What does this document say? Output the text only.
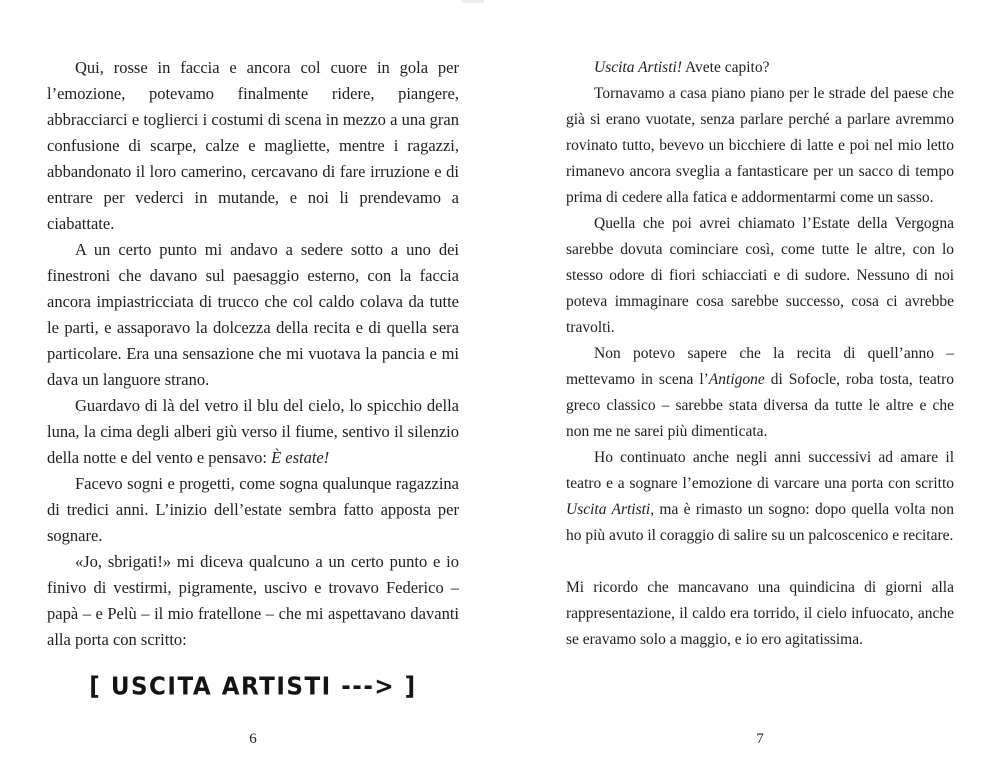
Qui, rosse in faccia e ancora col cuore in gola per l’emozione, potevamo finalmente ridere, piangere, abbracciarci e toglierci i costumi di scena in mezzo a una gran confusione di scarpe, calze e magliette, mentre i ragazzi, abbandonato il loro camerino, cercavano di fare irruzione e di entrare per vederci in mutande, e noi li prendevamo a ciabattate.

A un certo punto mi andavo a sedere sotto a uno dei finestroni che davano sul paesaggio esterno, con la faccia ancora impiastricciata di trucco che col caldo colava da tutte le parti, e assaporavo la dolcezza della recita e di quella sera particolare. Era una sensazione che mi vuotava la pancia e mi dava un languore strano.

Guardavo di là del vetro il blu del cielo, lo spicchio della luna, la cima degli alberi giù verso il fiume, sentivo il silenzio della notte e del vento e pensavo: È estate!

Facevo sogni e progetti, come sogna qualunque ragazzina di tredici anni. L’inizio dell’estate sembra fatto apposta per sognare.

«Jo, sbrigati!» mi diceva qualcuno a un certo punto e io finivo di vestirmi, pigramente, uscivo e trovavo Federico – papà – e Pelù – il mio fratellone – che mi aspettavano davanti alla porta con scritto:

Uscita Artisti! Avete capito?

Tornavamo a casa piano piano per le strade del paese che già si erano vuotate, senza parlare perché a parlare avremmo rovinato tutto, bevevo un bicchiere di latte e poi nel mio letto rimanevo ancora sveglia a fantasticare per un sacco di tempo prima di cedere alla fatica e addormentarmi come un sasso.

Quella che poi avrei chiamato l’Estate della Vergogna sarebbe dovuta cominciare così, come tutte le altre, con lo stesso odore di fiori schiacciati e di sudore. Nessuno di noi poteva immaginare cosa sarebbe successo, cosa ci avrebbe travolti.

Non potevo sapere che la recita di quell’anno – mettevamo in scena l’Antigone di Sofocle, roba tosta, teatro greco classico – sarebbe stata diversa da tutte le altre e che non me ne sarei più dimenticata.

Ho continuato anche negli anni successivi ad amare il teatro e a sognare l’emozione di varcare una porta con scritto Uscita Artisti, ma è rimasto un sogno: dopo quella volta non ho più avuto il coraggio di salire su un palcoscenico e recitare.

Mi ricordo che mancavano una quindicina di giorni alla rappresentazione, il caldo era torrido, il cielo infuocato, anche se eravamo solo a maggio, e io ero agitatissima.

[ USCITA ARTISTI ---> ]
6	7
